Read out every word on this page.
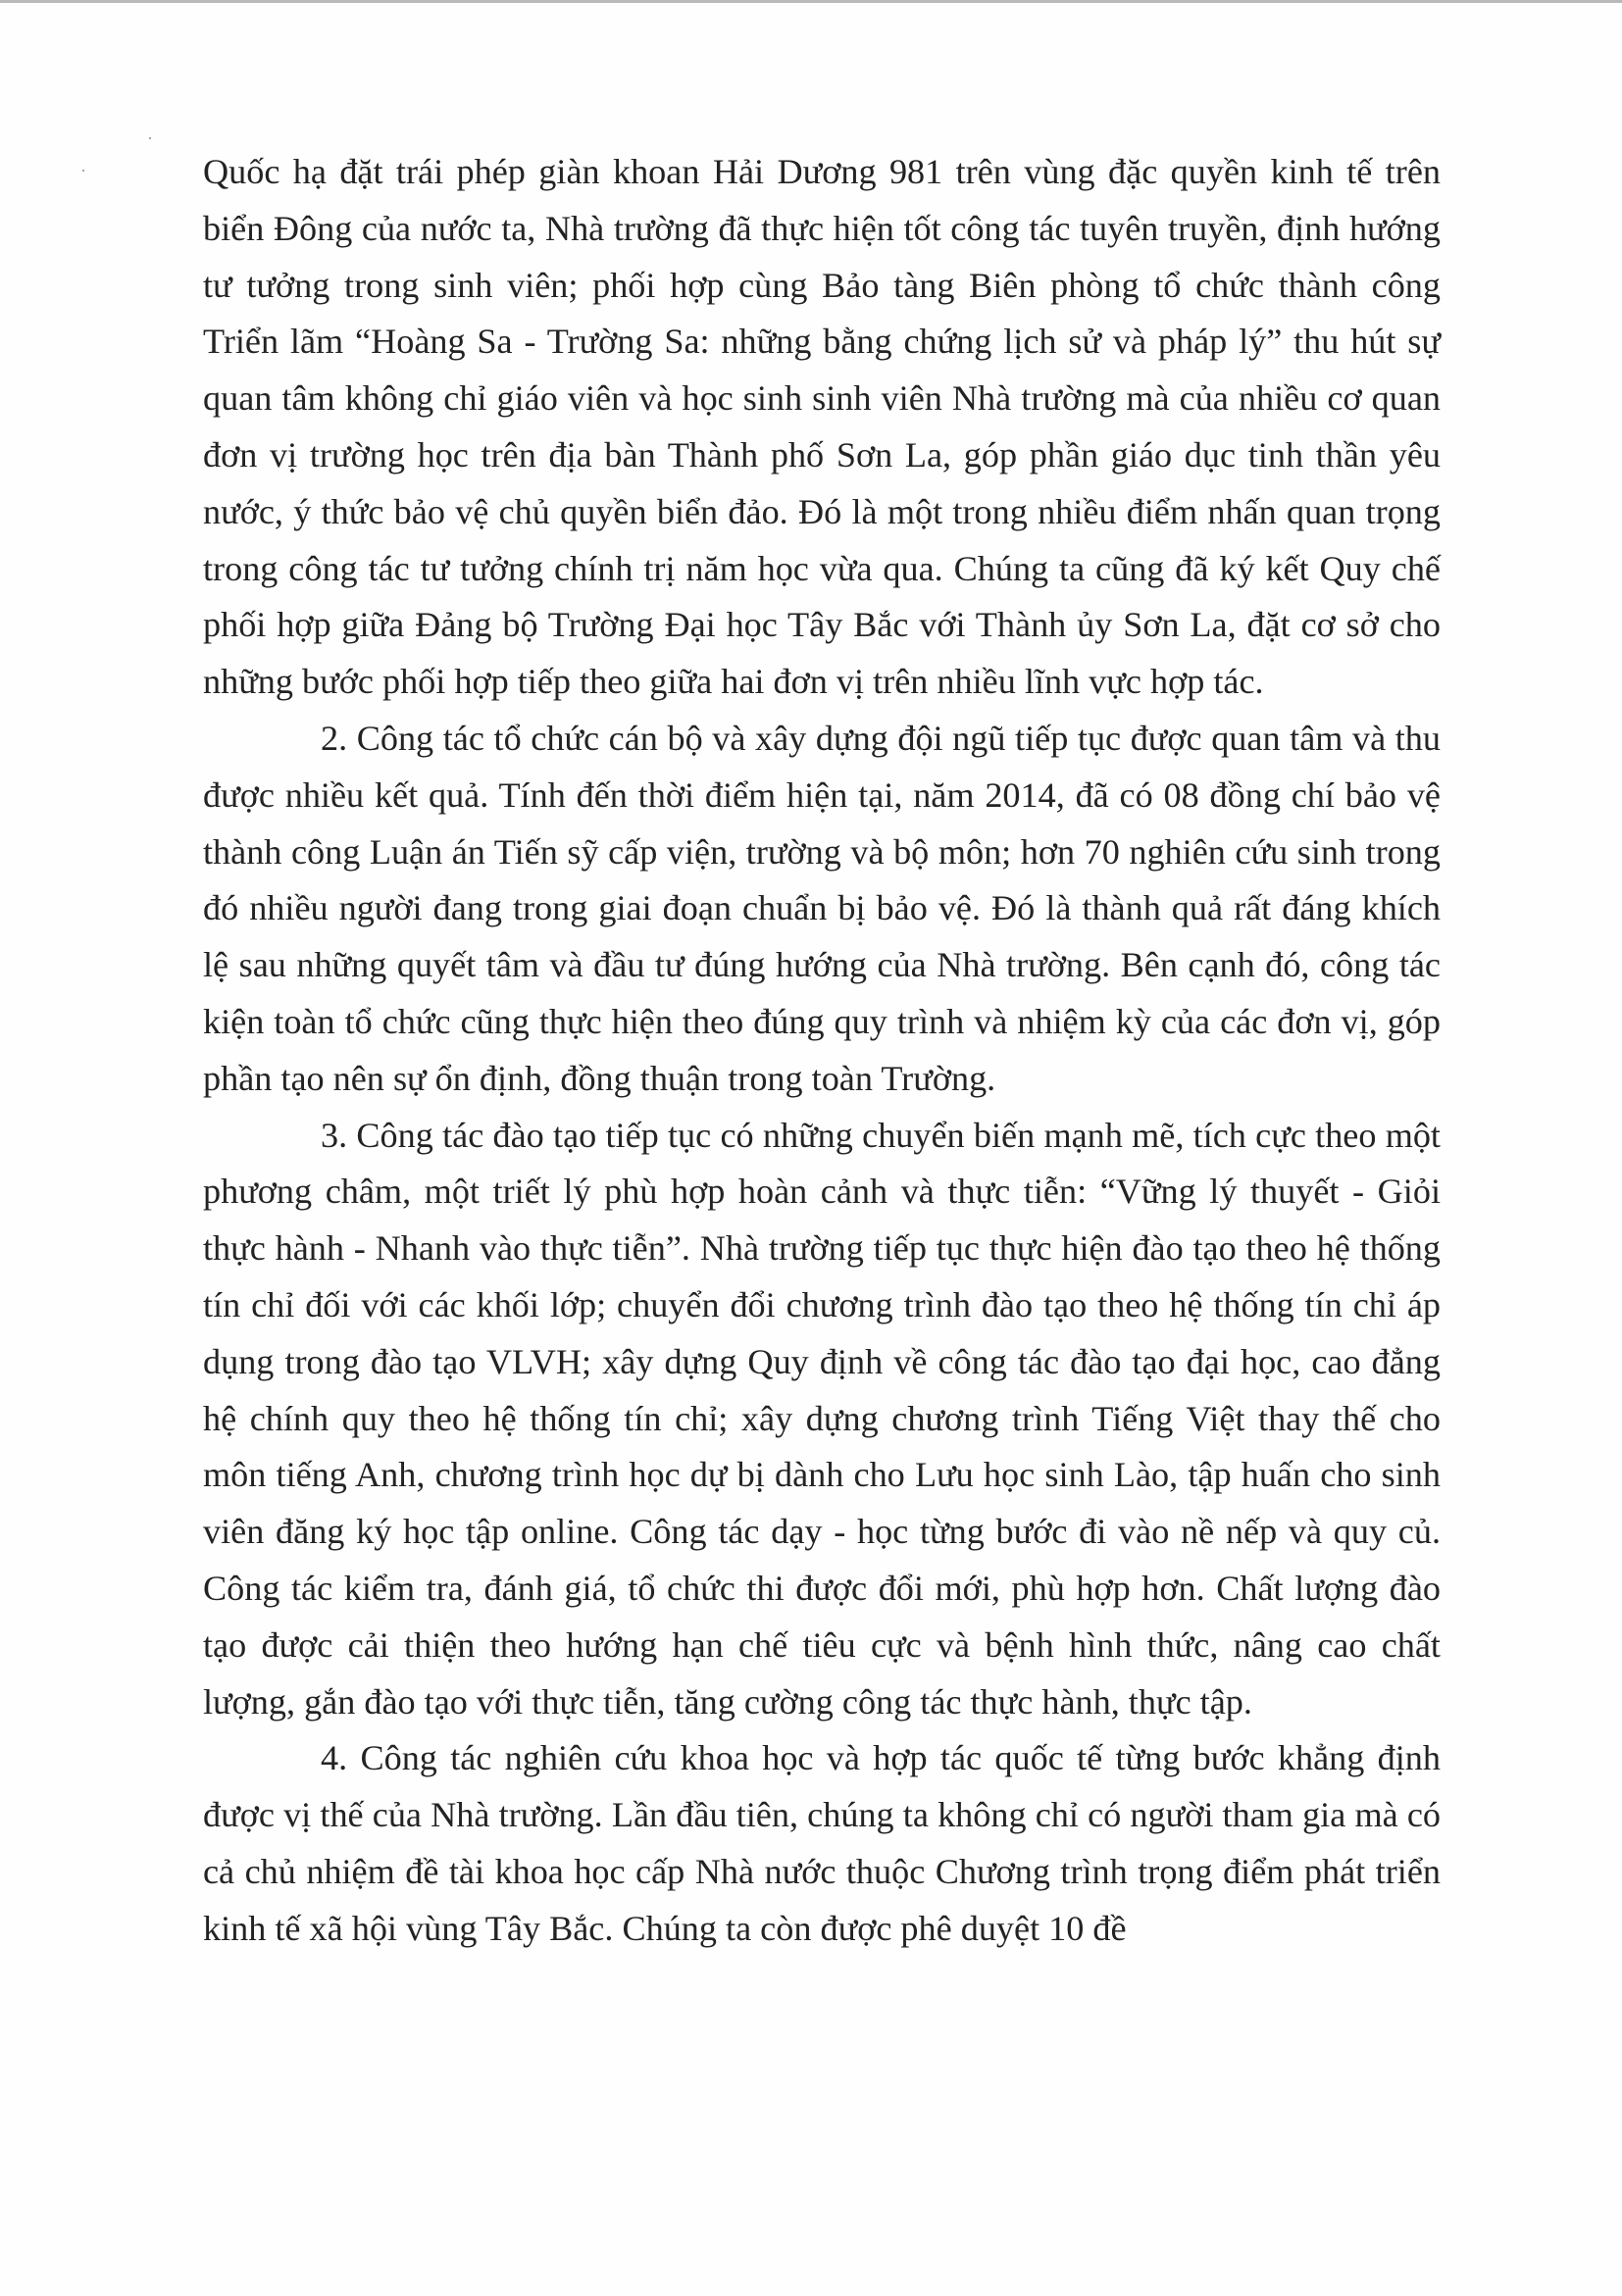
Quốc hạ đặt trái phép giàn khoan Hải Dương 981 trên vùng đặc quyền kinh tế trên biển Đông của nước ta, Nhà trường đã thực hiện tốt công tác tuyên truyền, định hướng tư tưởng trong sinh viên; phối hợp cùng Bảo tàng Biên phòng tổ chức thành công Triển lãm “Hoàng Sa - Trường Sa: những bằng chứng lịch sử và pháp lý” thu hút sự quan tâm không chỉ giáo viên và học sinh sinh viên Nhà trường mà của nhiều cơ quan đơn vị trường học trên địa bàn Thành phố Sơn La, góp phần giáo dục tinh thần yêu nước, ý thức bảo vệ chủ quyền biển đảo. Đó là một trong nhiều điểm nhấn quan trọng trong công tác tư tưởng chính trị năm học vừa qua. Chúng ta cũng đã ký kết Quy chế phối hợp giữa Đảng bộ Trường Đại học Tây Bắc với Thành ủy Sơn La, đặt cơ sở cho những bước phối hợp tiếp theo giữa hai đơn vị trên nhiều lĩnh vực hợp tác.

2. Công tác tổ chức cán bộ và xây dựng đội ngũ tiếp tục được quan tâm và thu được nhiều kết quả. Tính đến thời điểm hiện tại, năm 2014, đã có 08 đồng chí bảo vệ thành công Luận án Tiến sỹ cấp viện, trường và bộ môn; hơn 70 nghiên cứu sinh trong đó nhiều người đang trong giai đoạn chuẩn bị bảo vệ. Đó là thành quả rất đáng khích lệ sau những quyết tâm và đầu tư đúng hướng của Nhà trường. Bên cạnh đó, công tác kiện toàn tổ chức cũng thực hiện theo đúng quy trình và nhiệm kỳ của các đơn vị, góp phần tạo nên sự ổn định, đồng thuận trong toàn Trường.

3. Công tác đào tạo tiếp tục có những chuyển biến mạnh mẽ, tích cực theo một phương châm, một triết lý phù hợp hoàn cảnh và thực tiễn: “Vững lý thuyết - Giỏi thực hành - Nhanh vào thực tiễn”. Nhà trường tiếp tục thực hiện đào tạo theo hệ thống tín chỉ đối với các khối lớp; chuyển đổi chương trình đào tạo theo hệ thống tín chỉ áp dụng trong đào tạo VLVH; xây dựng Quy định về công tác đào tạo đại học, cao đẳng hệ chính quy theo hệ thống tín chỉ; xây dựng chương trình Tiếng Việt thay thế cho môn tiếng Anh, chương trình học dự bị dành cho Lưu học sinh Lào, tập huấn cho sinh viên đăng ký học tập online. Công tác dạy - học từng bước đi vào nề nếp và quy củ. Công tác kiểm tra, đánh giá, tổ chức thi được đổi mới, phù hợp hơn. Chất lượng đào tạo được cải thiện theo hướng hạn chế tiêu cực và bệnh hình thức, nâng cao chất lượng, gắn đào tạo với thực tiễn, tăng cường công tác thực hành, thực tập.

4. Công tác nghiên cứu khoa học và hợp tác quốc tế từng bước khẳng định được vị thế của Nhà trường. Lần đầu tiên, chúng ta không chỉ có người tham gia mà có cả chủ nhiệm đề tài khoa học cấp Nhà nước thuộc Chương trình trọng điểm phát triển kinh tế xã hội vùng Tây Bắc. Chúng ta còn được phê duyệt 10 đề
